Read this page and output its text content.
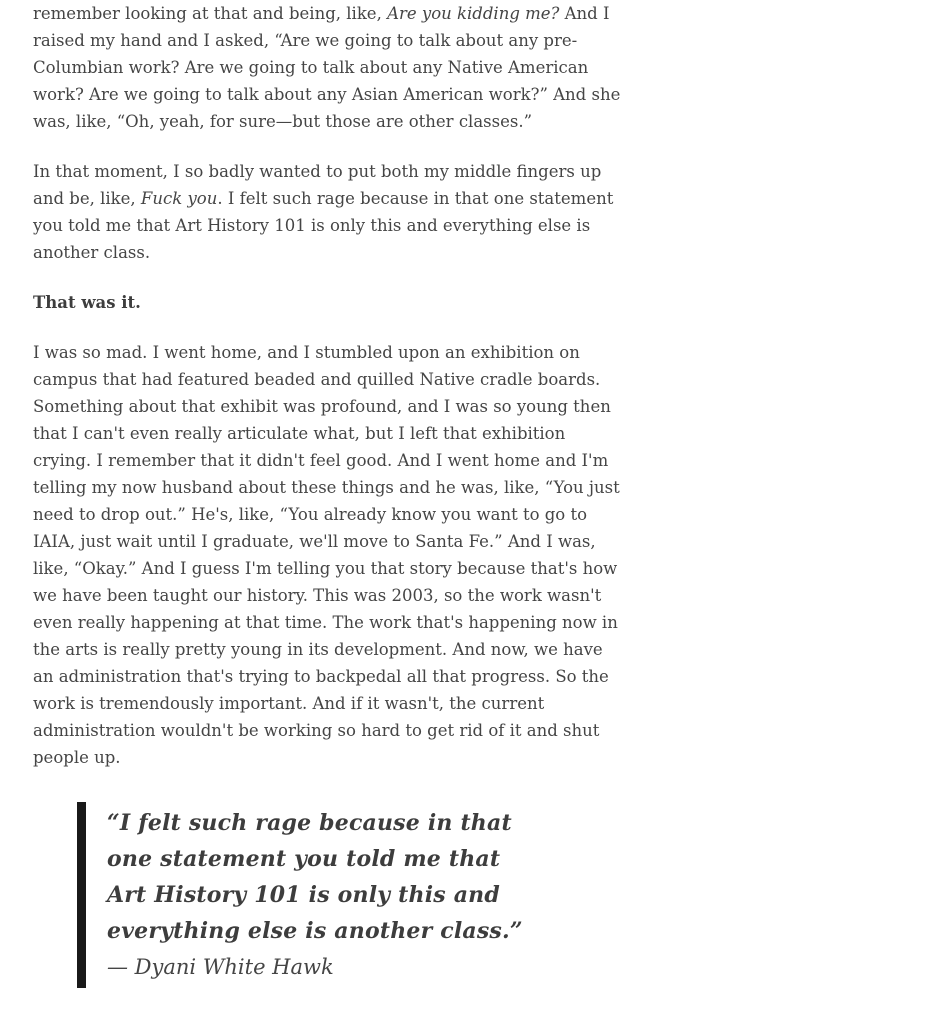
remember looking at that and being, like, Are you kidding me? And I raised my hand and I asked, “Are we going to talk about any pre-Columbian work? Are we going to talk about any Native American work? Are we going to talk about any Asian American work?” And she was, like, “Oh, yeah, for sure—but those are other classes.”

In that moment, I so badly wanted to put both my middle fingers up and be, like, Fuck you. I felt such rage because in that one statement you told me that Art History 101 is only this and everything else is another class.

That was it.

I was so mad. I went home, and I stumbled upon an exhibition on campus that had featured beaded and quilled Native cradle boards. Something about that exhibit was profound, and I was so young then that I can't even really articulate what, but I left that exhibition crying. I remember that it didn't feel good. And I went home and I'm telling my now husband about these things and he was, like, “You just need to drop out.” He's, like, “You already know you want to go to IAIA, just wait until I graduate, we'll move to Santa Fe.” And I was, like, “Okay.” And I guess I'm telling you that story because that's how we have been taught our history. This was 2003, so the work wasn't even really happening at that time. The work that's happening now in the arts is really pretty young in its development. And now, we have an administration that's trying to backpedal all that progress. So the work is tremendously important. And if it wasn't, the current administration wouldn't be working so hard to get rid of it and shut people up.

“I felt such rage because in that one statement you told me that Art History 101 is only this and everything else is another class.”
— Dyani White Hawk
